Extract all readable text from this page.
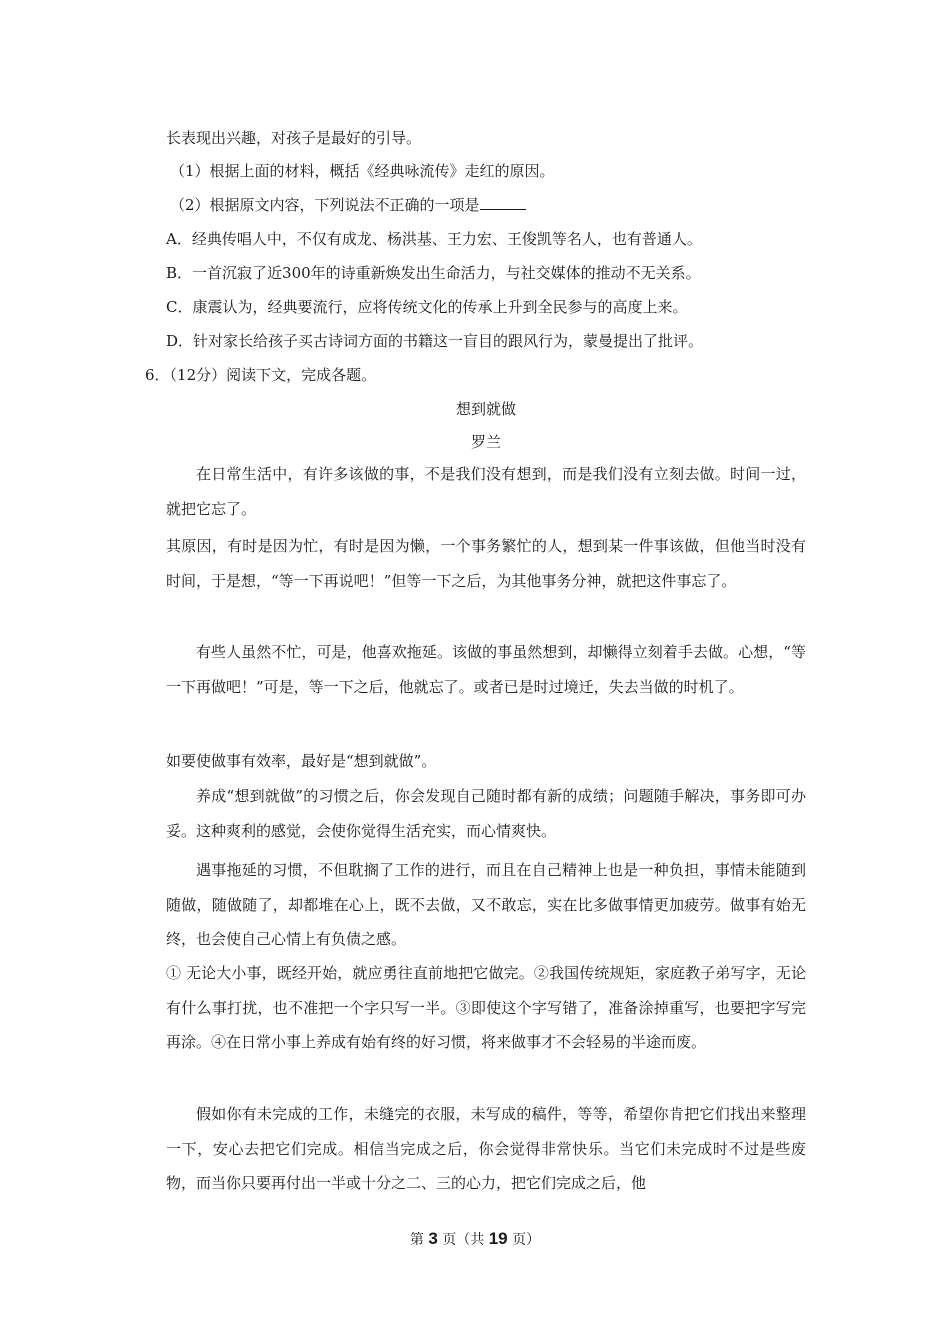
长表现出兴趣，对孩子是最好的引导。
（1）根据上面的材料，概括《经典咏流传》走红的原因。
（2）根据原文内容，下列说法不正确的一项是
A．经典传唱人中，不仅有成龙、杨洪基、王力宏、王俊凯等名人，也有普通人。
B．一首沉寂了近300年的诗重新焕发出生命活力，与社交媒体的推动不无关系。
C．康震认为，经典要流行，应将传统文化的传承上升到全民参与的高度上来。
D．针对家长给孩子买古诗词方面的书籍这一盲目的跟风行为，蒙曼提出了批评。
6．（12分）阅读下文，完成各题。
想到就做
罗兰
在日常生活中，有许多该做的事，不是我们没有想到，而是我们没有立刻去做。时间一过，就把它忘了。
其原因，有时是因为忙，有时是因为懒，一个事务繁忙的人，想到某一件事该做，但他当时没有时间，于是想，“等一下再说吧！”但等一下之后，为其他事务分神，就把这件事忘了。
有些人虽然不忙，可是，他喜欢拖延。该做的事虽然想到，却懒得立刻着手去做。心想，“等一下再做吧！”可是，等一下之后，他就忘了。或者已是时过境迁，失去当做的时机了。
如要使做事有效率，最好是“想到就做”。
养成“想到就做”的习惯之后，你会发现自己随时都有新的成绩；问题随手解决，事务即可办妥。这种爽利的感觉，会使你觉得生活充实，而心情爽快。
遇事拖延的习惯，不但耽搁了工作的进行，而且在自己精神上也是一种负担，事情未能随到随做，随做随了，却都堆在心上，既不去做，又不敢忘，实在比多做事情更加疲劳。做事有始无终，也会使自己心情上有负债之感。
① 无论大小事，既经开始，就应勇往直前地把它做完。②我国传统规矩，家庭教子弟写字，无论有什么事打扰，也不准把一个字只写一半。③即使这个字写错了，准备涂掉重写，也要把字写完再涂。④在日常小事上养成有始有终的好习惯，将来做事才不会轻易的半途而废。
假如你有未完成的工作，未缝完的衣服，未写成的稿件，等等，希望你肯把它们找出来整理一下，安心去把它们完成。相信当完成之后，你会觉得非常快乐。当它们未完成时不过是些废物，而当你只要再付出一半或十分之二、三的心力，把它们完成之后，他
第 3 页（共 19 页）
